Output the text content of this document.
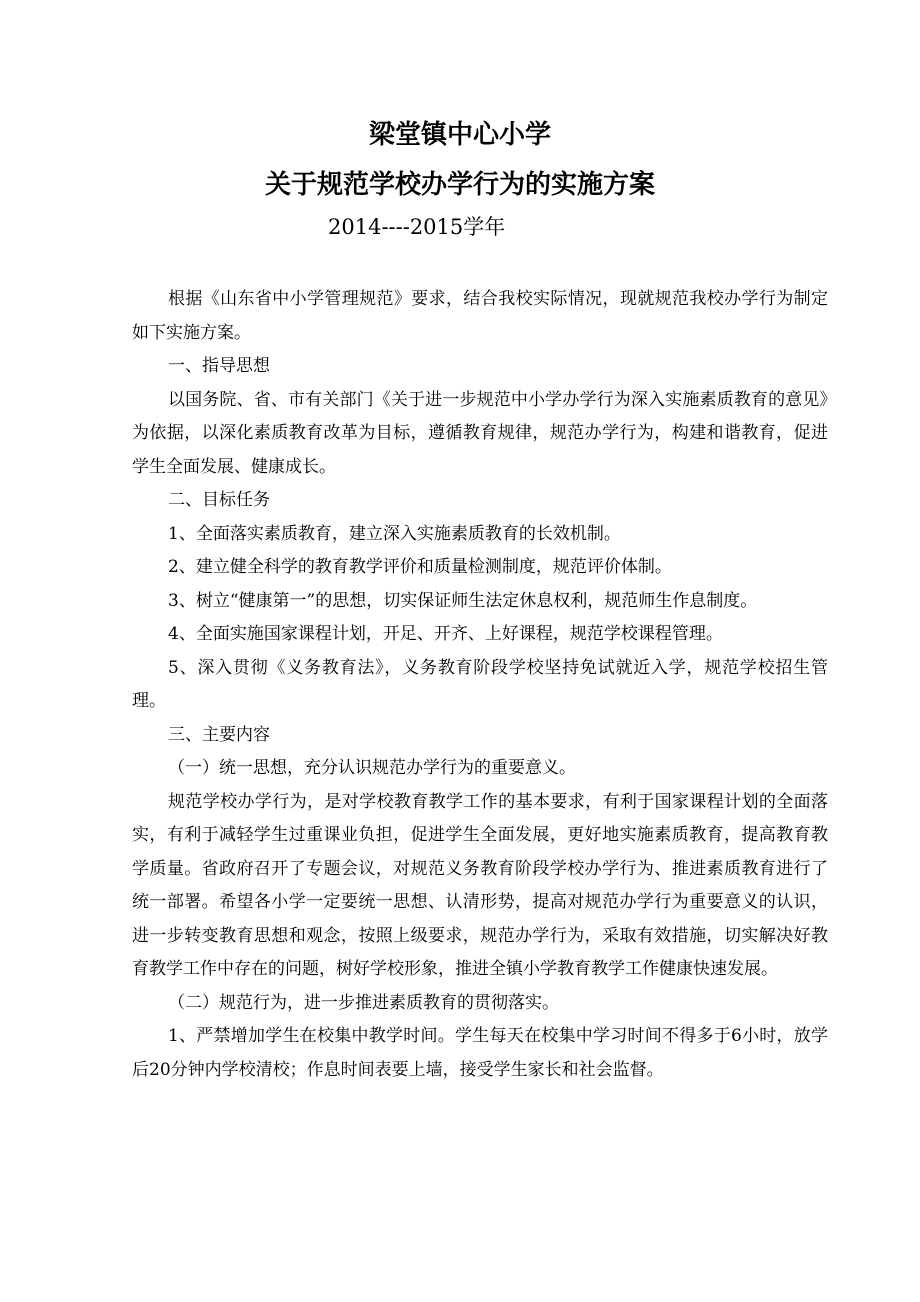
梁堂镇中心小学
关于规范学校办学行为的实施方案
2014----2015学年

根据《山东省中小学管理规范》要求，结合我校实际情况，现就规范我校办学行为制定如下实施方案。

一、指导思想

以国务院、省、市有关部门《关于进一步规范中小学办学行为深入实施素质教育的意见》为依据，以深化素质教育改革为目标，遵循教育规律，规范办学行为，构建和谐教育，促进学生全面发展、健康成长。

二、目标任务

1、全面落实素质教育，建立深入实施素质教育的长效机制。

2、建立健全科学的教育教学评价和质量检测制度，规范评价体制。

3、树立“健康第一”的思想，切实保证师生法定休息权利，规范师生作息制度。

4、全面实施国家课程计划，开足、开齐、上好课程，规范学校课程管理。

5、深入贯彻《义务教育法》，义务教育阶段学校坚持免试就近入学，规范学校招生管理。

三、主要内容

（一）统一思想，充分认识规范办学行为的重要意义。

规范学校办学行为，是对学校教育教学工作的基本要求，有利于国家课程计划的全面落实，有利于减轻学生过重课业负担，促进学生全面发展，更好地实施素质教育，提高教育教学质量。省政府召开了专题会议，对规范义务教育阶段学校办学行为、推进素质教育进行了统一部署。希望各小学一定要统一思想、认清形势，提高对规范办学行为重要意义的认识，进一步转变教育思想和观念，按照上级要求，规范办学行为，采取有效措施，切实解决好教育教学工作中存在的问题，树好学校形象，推进全镇小学教育教学工作健康快速发展。

（二）规范行为，进一步推进素质教育的贯彻落实。

1、严禁增加学生在校集中教学时间。学生每天在校集中学习时间不得多于6小时，放学后20分钟内学校清校；作息时间表要上墙，接受学生家长和社会监督。
